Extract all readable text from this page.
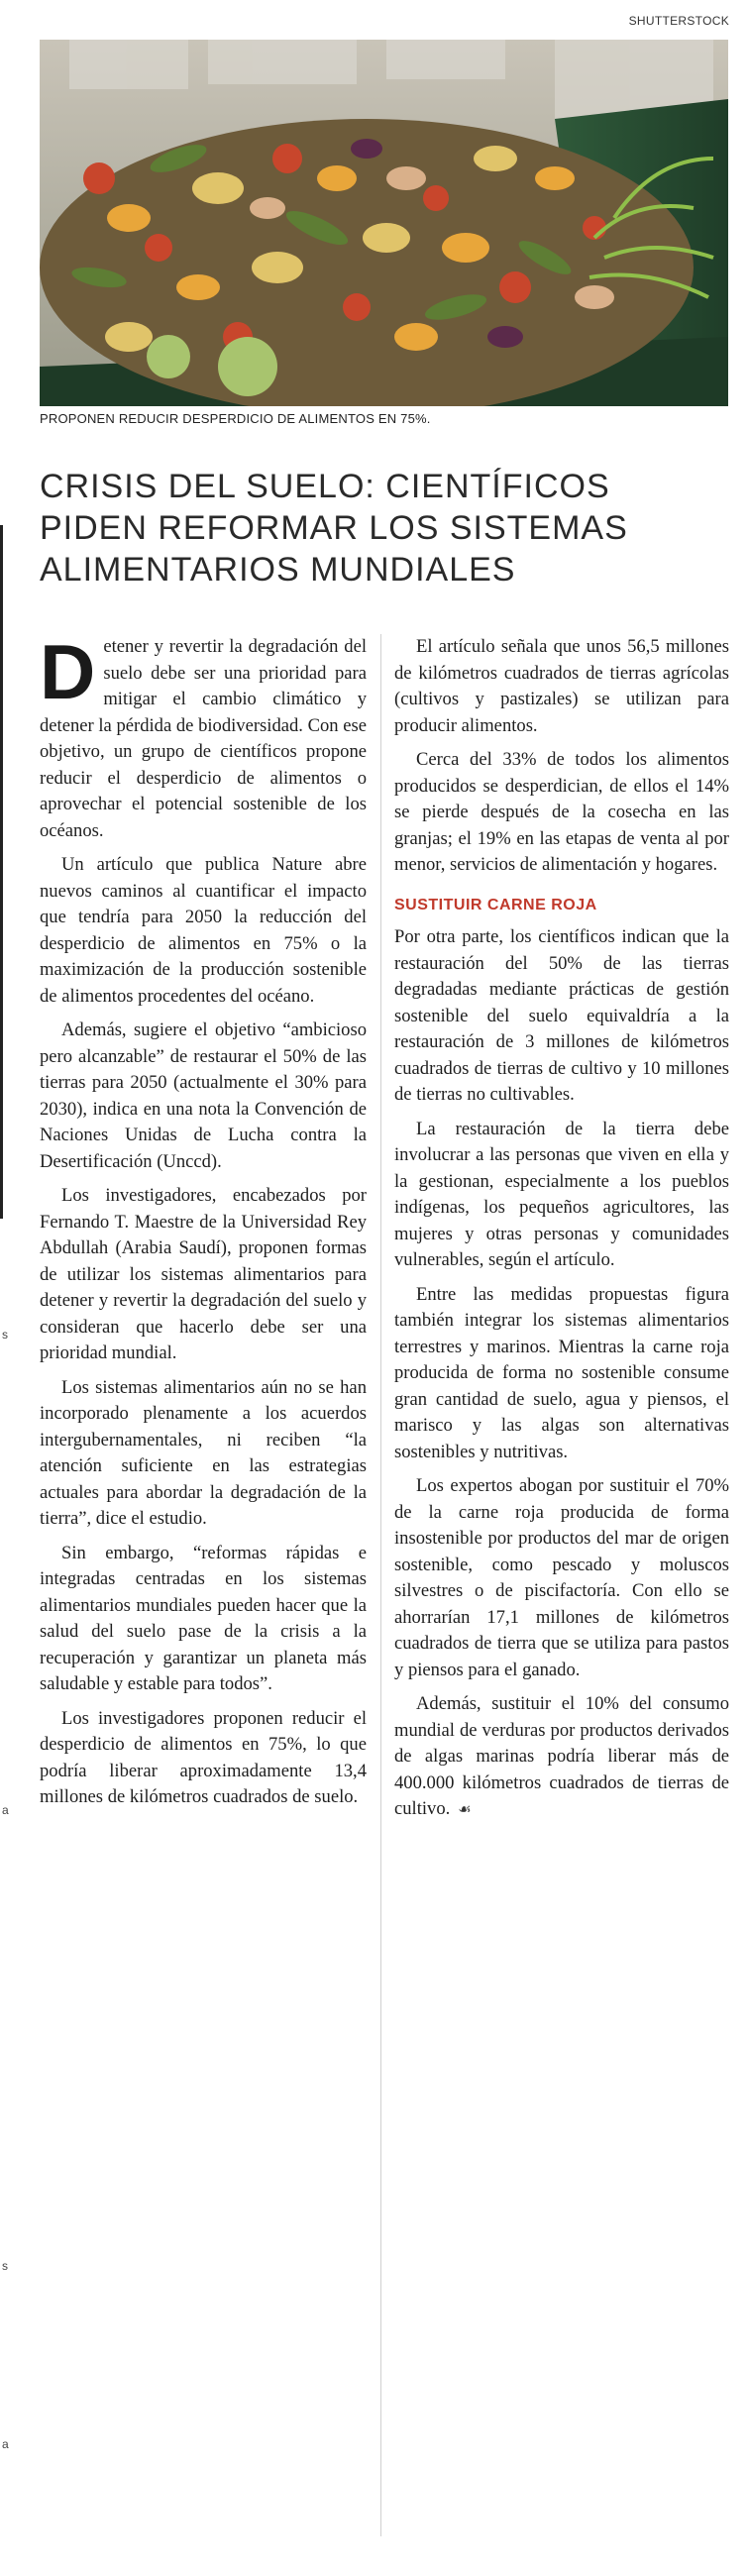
s
a
s
a
SHUTTERSTOCK
PROPONEN REDUCIR DESPERDICIO DE ALIMENTOS EN 75%.
CRISIS DEL SUELO: CIENTÍFICOS PIDEN REFORMAR LOS SISTEMAS ALIMENTARIOS MUNDIALES

Detener y revertir la degradación del suelo debe ser una prioridad para mitigar el cambio climático y detener la pérdida de biodiversidad. Con ese objetivo, un grupo de científicos propone reducir el desperdicio de alimentos o aprovechar el potencial sostenible de los océanos.

Un artículo que publica Nature abre nuevos caminos al cuantificar el impacto que tendría para 2050 la reducción del desperdicio de alimentos en 75% o la maximización de la producción sostenible de alimentos procedentes del océano.

Además, sugiere el objetivo “ambicioso pero alcanzable” de restaurar el 50% de las tierras para 2050 (actualmente el 30% para 2030), indica en una nota la Convención de Naciones Unidas de Lucha contra la Desertificación (Unccd).

Los investigadores, encabezados por Fernando T. Maestre de la Universidad Rey Abdullah (Arabia Saudí), proponen formas de utilizar los sistemas alimentarios para detener y revertir la degradación del suelo y consideran que hacerlo debe ser una prioridad mundial.

Los sistemas alimentarios aún no se han incorporado plenamente a los acuerdos intergubernamentales, ni reciben “la atención suficiente en las estrategias actuales para abordar la degradación de la tierra”, dice el estudio.

Sin embargo, “reformas rápidas e integradas centradas en los sistemas alimentarios mundiales pueden hacer que la salud del suelo pase de la crisis a la recuperación y garantizar un planeta más saludable y estable para todos”.

Los investigadores proponen reducir el desperdicio de alimentos en 75%, lo que podría liberar aproximadamente 13,4 millones de kilómetros cuadrados de suelo.

El artículo señala que unos 56,5 millones de kilómetros cuadrados de tierras agrícolas (cultivos y pastizales) se utilizan para producir alimentos.

Cerca del 33% de todos los alimentos producidos se desperdician, de ellos el 14% se pierde después de la cosecha en las granjas; el 19% en las etapas de venta al por menor, servicios de alimentación y hogares.

SUSTITUIR CARNE ROJA

Por otra parte, los científicos indican que la restauración del 50% de las tierras degradadas mediante prácticas de gestión sostenible del suelo equivaldría a la restauración de 3 millones de kilómetros cuadrados de tierras de cultivo y 10 millones de tierras no cultivables.

La restauración de la tierra debe involucrar a las personas que viven en ella y la gestionan, especialmente a los pueblos indígenas, los pequeños agricultores, las mujeres y otras personas y comunidades vulnerables, según el artículo.

Entre las medidas propuestas figura también integrar los sistemas alimentarios terrestres y marinos. Mientras la carne roja producida de forma no sostenible consume gran cantidad de suelo, agua y piensos, el marisco y las algas son alternativas sostenibles y nutritivas.

Los expertos abogan por sustituir el 70% de la carne roja producida de forma insostenible por productos del mar de origen sostenible, como pescado y moluscos silvestres o de piscifactoría. Con ello se ahorrarían 17,1 millones de kilómetros cuadrados de tierra que se utiliza para pastos y piensos para el ganado.

Además, sustituir el 10% del consumo mundial de verduras por productos derivados de algas marinas podría liberar más de 400.000 kilómetros cuadrados de tierras de cultivo. ☙
